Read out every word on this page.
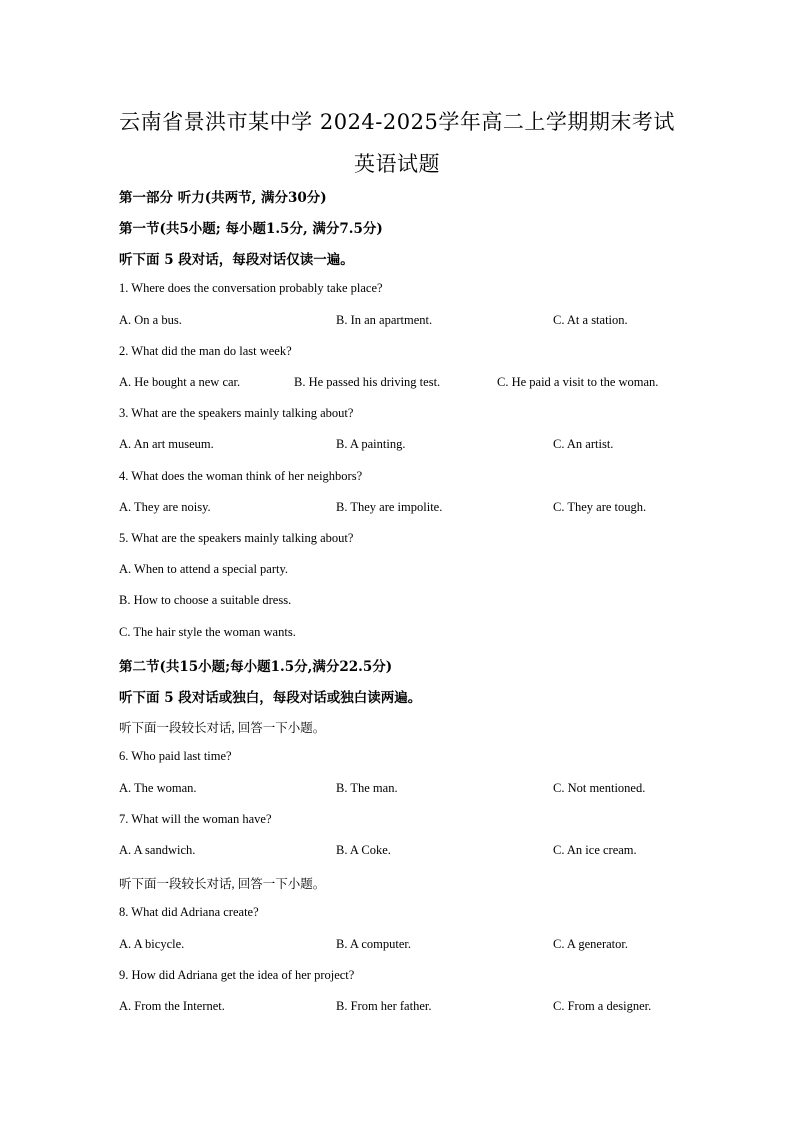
云南省景洪市某中学 2024-2025学年高二上学期期末考试
英语试题
第一部分 听力(共两节, 满分30分)
第一节(共5小题; 每小题1.5分, 满分7.5分)
听下面 5 段对话，每段对话仅读一遍。
1. Where does the conversation probably take place?
A. On a bus.	B. In an apartment.	C. At a station.
2. What did the man do last week?
A. He bought a new car.	B. He passed his driving test.	C. He paid a visit to the woman.
3. What are the speakers mainly talking about?
A. An art museum.	B. A painting.	C. An artist.
4. What does the woman think of her neighbors?
A. They are noisy.	B. They are impolite.	C. They are tough.
5. What are the speakers mainly talking about?
A. When to attend a special party.
B. How to choose a suitable dress.
C. The hair style the woman wants.
第二节(共15小题;每小题1.5分,满分22.5分)
听下面 5 段对话或独白，每段对话或独白读两遍。
听下面一段较长对话, 回答一下小题。
6. Who paid last time?
A. The woman.	B. The man.	C. Not mentioned.
7. What will the woman have?
A. A sandwich.	B. A Coke.	C. An ice cream.
听下面一段较长对话, 回答一下小题。
8. What did Adriana create?
A. A bicycle.	B. A computer.	C. A generator.
9. How did Adriana get the idea of her project?
A. From the Internet.	B. From her father.	C. From a designer.
